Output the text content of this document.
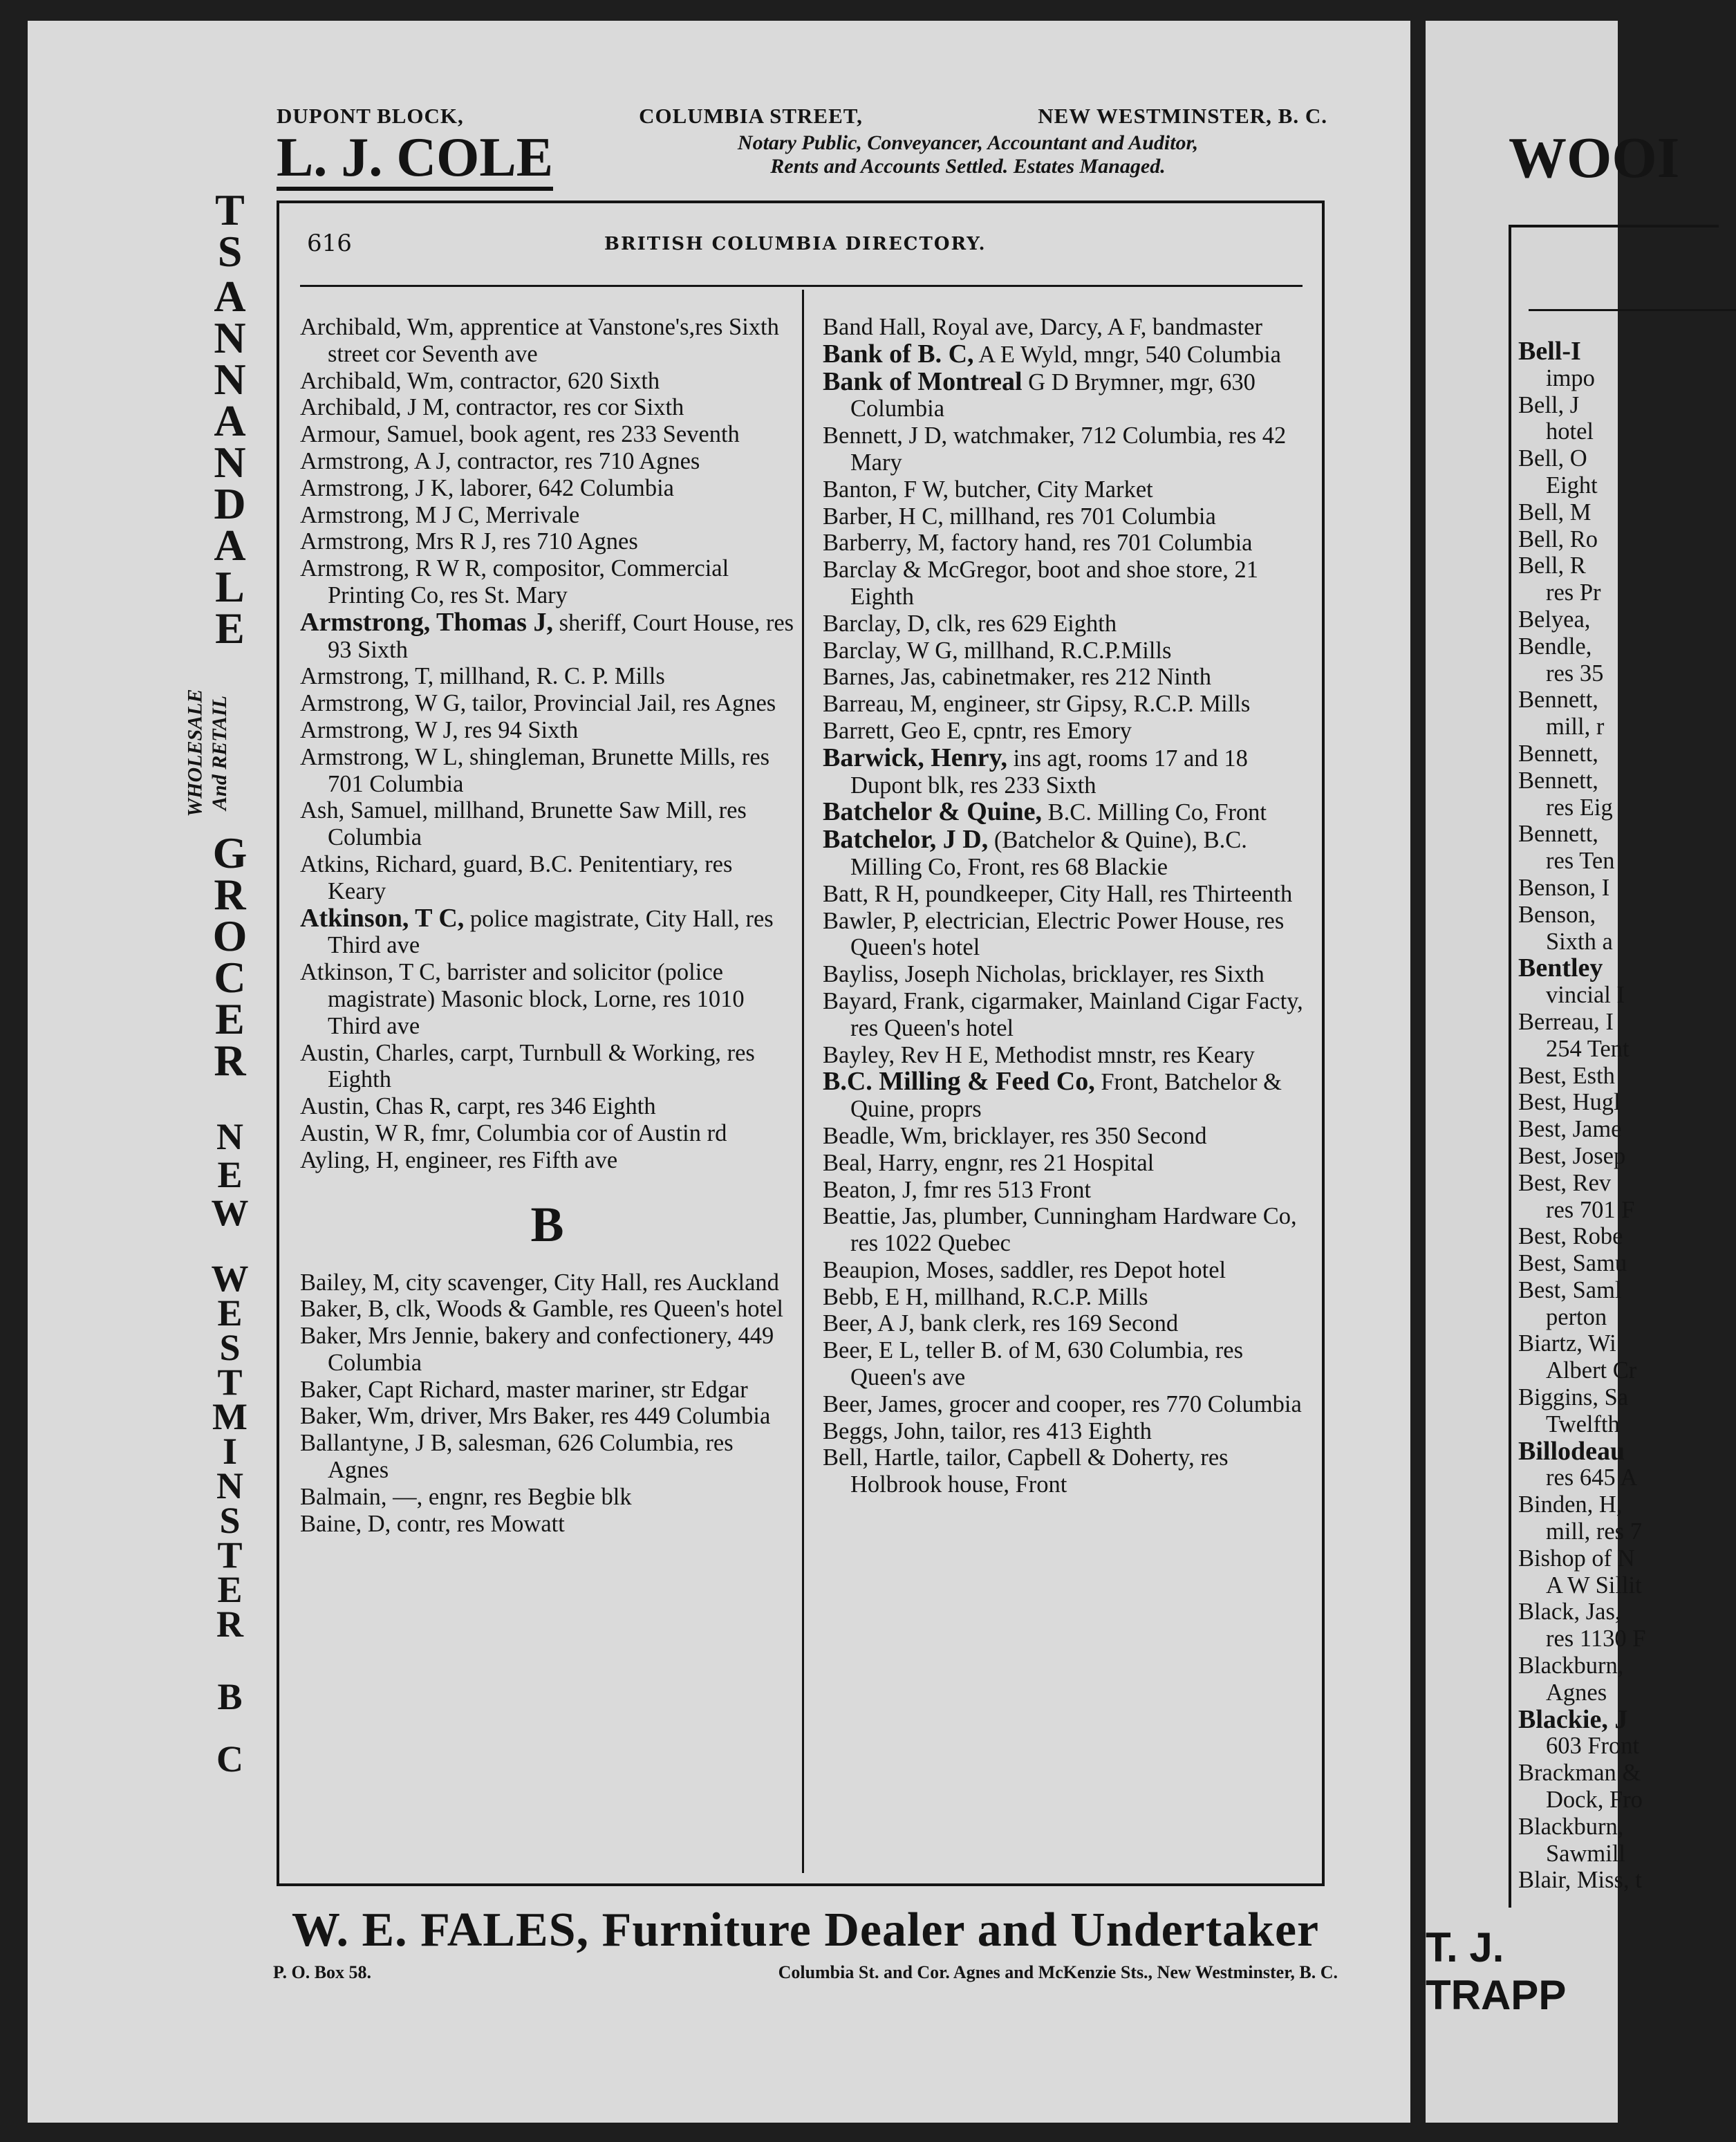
DUPONT BLOCK,	COLUMBIA STREET,	NEW WESTMINSTER, B. C.
L. J. COLE	Notary Public, Conveyancer, Accountant and Auditor,
Rents and Accounts Settled. Estates Managed.
T
S
A
N
N
A
N
D
A
L
E
G
R
O
C
E
R
N
E
W
W
E
S
T
M
I
N
S
T
E
R
B
C
WHOLESALE And RETAIL
616	BRITISH COLUMBIA DIRECTORY.

Archibald, Wm, apprentice at Vanstone's,res Sixth street cor Seventh ave

Archibald, Wm, contractor, 620 Sixth

Archibald, J M, contractor, res cor Sixth

Armour, Samuel, book agent, res 233 Seventh

Armstrong, A J, contractor, res 710 Agnes

Armstrong, J K, laborer, 642 Columbia

Armstrong, M J C, Merrivale

Armstrong, Mrs R J, res 710 Agnes

Armstrong, R W R, compositor, Commercial Printing Co, res St. Mary

Armstrong, Thomas J, sheriff, Court House, res 93 Sixth

Armstrong, T, millhand, R. C. P. Mills

Armstrong, W G, tailor, Provincial Jail, res Agnes

Armstrong, W J, res 94 Sixth

Armstrong, W L, shingleman, Brunette Mills, res 701 Columbia

Ash, Samuel, millhand, Brunette Saw Mill, res Columbia

Atkins, Richard, guard, B.C. Penitentiary, res Keary

Atkinson, T C, police magistrate, City Hall, res Third ave

Atkinson, T C, barrister and solicitor (police magistrate) Masonic block, Lorne, res 1010 Third ave

Austin, Charles, carpt, Turnbull & Working, res Eighth

Austin, Chas R, carpt, res 346 Eighth

Austin, W R, fmr, Columbia cor of Austin rd

Ayling, H, engineer, res Fifth ave

B

Bailey, M, city scavenger, City Hall, res Auckland

Baker, B, clk, Woods & Gamble, res Queen's hotel

Baker, Mrs Jennie, bakery and confectionery, 449 Columbia

Baker, Capt Richard, master mariner, str Edgar

Baker, Wm, driver, Mrs Baker, res 449 Columbia

Ballantyne, J B, salesman, 626 Columbia, res Agnes

Balmain, —, engnr, res Begbie blk

Baine, D, contr, res Mowatt

Band Hall, Royal ave, Darcy, A F, bandmaster

Bank of B. C, A E Wyld, mngr, 540 Columbia

Bank of Montreal G D Brymner, mgr, 630 Columbia

Bennett, J D, watchmaker, 712 Columbia, res 42 Mary

Banton, F W, butcher, City Market

Barber, H C, millhand, res 701 Columbia

Barberry, M, factory hand, res 701 Columbia

Barclay & McGregor, boot and shoe store, 21 Eighth

Barclay, D, clk, res 629 Eighth

Barclay, W G, millhand, R.C.P.Mills

Barnes, Jas, cabinetmaker, res 212 Ninth

Barreau, M, engineer, str Gipsy, R.C.P. Mills

Barrett, Geo E, cpntr, res Emory

Barwick, Henry, ins agt, rooms 17 and 18 Dupont blk, res 233 Sixth

Batchelor & Quine, B.C. Milling Co, Front

Batchelor, J D, (Batchelor & Quine), B.C. Milling Co, Front, res 68 Blackie

Batt, R H, poundkeeper, City Hall, res Thirteenth

Bawler, P, electrician, Electric Power House, res Queen's hotel

Bayliss, Joseph Nicholas, bricklayer, res Sixth

Bayard, Frank, cigarmaker, Mainland Cigar Facty, res Queen's hotel

Bayley, Rev H E, Methodist mnstr, res Keary

B.C. Milling & Feed Co, Front, Batchelor & Quine, proprs

Beadle, Wm, bricklayer, res 350 Second

Beal, Harry, engnr, res 21 Hospital

Beaton, J, fmr res 513 Front

Beattie, Jas, plumber, Cunningham Hardware Co, res 1022 Quebec

Beaupion, Moses, saddler, res Depot hotel

Bebb, E H, millhand, R.C.P. Mills

Beer, A J, bank clerk, res 169 Second

Beer, E L, teller B. of M, 630 Columbia, res Queen's ave

Beer, James, grocer and cooper, res 770 Columbia

Beggs, John, tailor, res 413 Eighth

Bell, Hartle, tailor, Capbell & Doherty, res Holbrook house, Front

W. E. FALES, Furniture Dealer and Undertaker
P. O. Box 58.	Columbia St. and Cor. Agnes and McKenzie Sts., New Westminster, B. C.
WOOI
Bell-I
impo
Bell, J
hotel
Bell, O
Eight
Bell, M
Bell, Ro
Bell, R
res Pr
Belyea,
Bendle,
res 35
Bennett,
mill, r
Bennett,
Bennett,
res Eig
Bennett,
res Ten
Benson, I
Benson,
Sixth a
Bentley
vincial I
Berreau, I
254 Tent
Best, Esth
Best, Hugl
Best, Jame
Best, Josep
Best, Rev
res 701 F
Best, Robe
Best, Samu
Best, Saml
perton
Biartz, Wi
Albert Cr
Biggins, Sa
Twelfth
Billodeau
res 645 A
Binden, H,
mill, res 7
Bishop of N
A W Sillit
Black, Jas,
res 1130 F
Blackburn,
Agnes
Blackie, J
603 Front
Brackman &
Dock, Fro
Blackburn,
Sawmill
Blair, Miss, t
T. J. TRAPP
